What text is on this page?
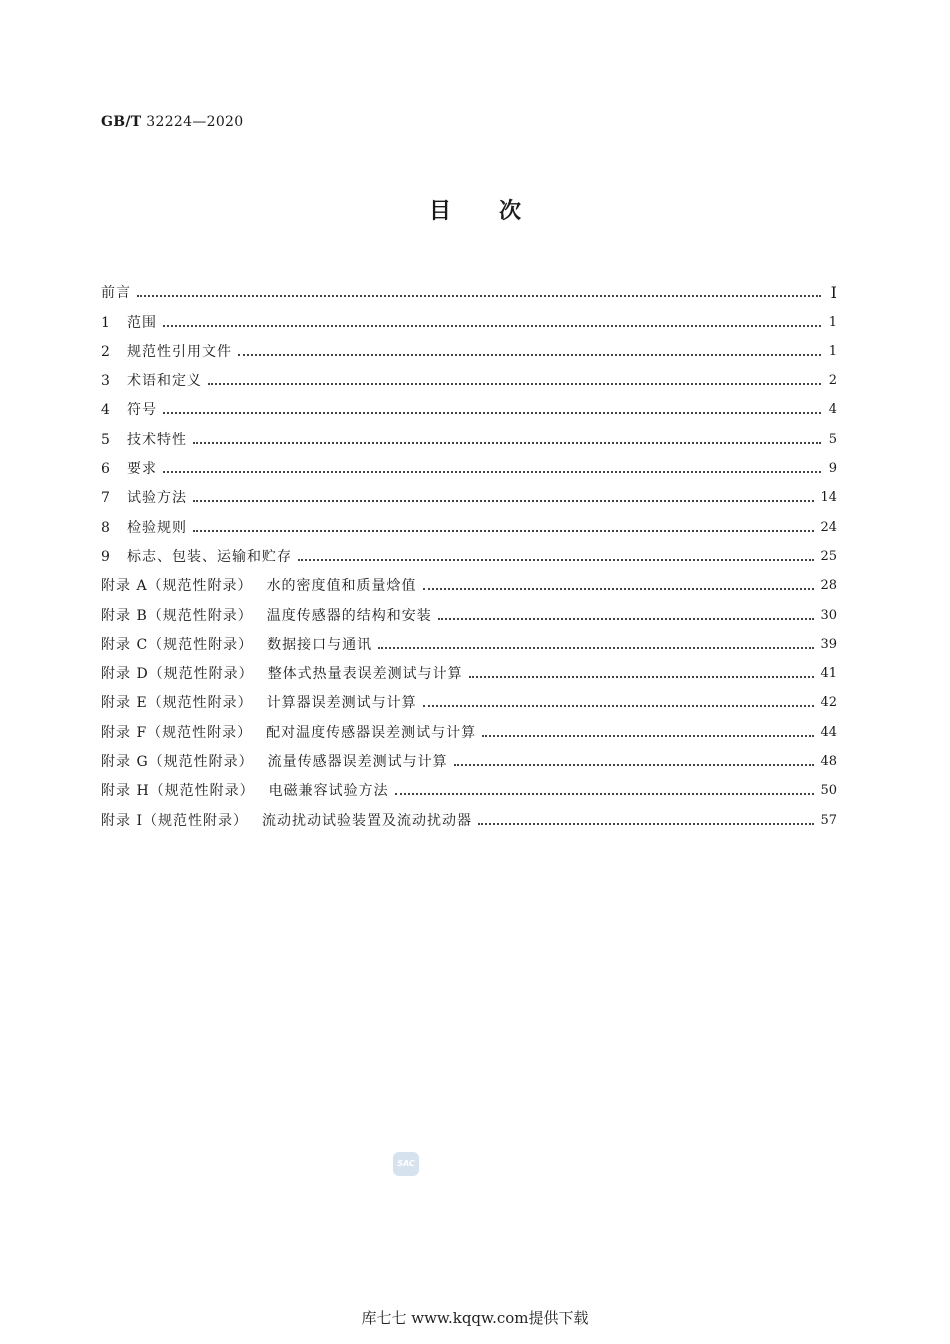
GB/T 32224—2020
目次
前言	I
1 范围	1
2 规范性引用文件	1
3 术语和定义	2
4 符号	4
5 技术特性	5
6 要求	9
7 试验方法	14
8 检验规则	24
9 标志、包装、运输和贮存	25
附录 A（规范性附录） 水的密度值和质量焓值	28
附录 B（规范性附录） 温度传感器的结构和安装	30
附录 C（规范性附录） 数据接口与通讯	39
附录 D（规范性附录） 整体式热量表误差测试与计算	41
附录 E（规范性附录） 计算器误差测试与计算	42
附录 F（规范性附录） 配对温度传感器误差测试与计算	44
附录 G（规范性附录） 流量传感器误差测试与计算	48
附录 H（规范性附录） 电磁兼容试验方法	50
附录 I（规范性附录） 流动扰动试验装置及流动扰动器	57
SAC
库七七 www.kqqw.com提供下载
